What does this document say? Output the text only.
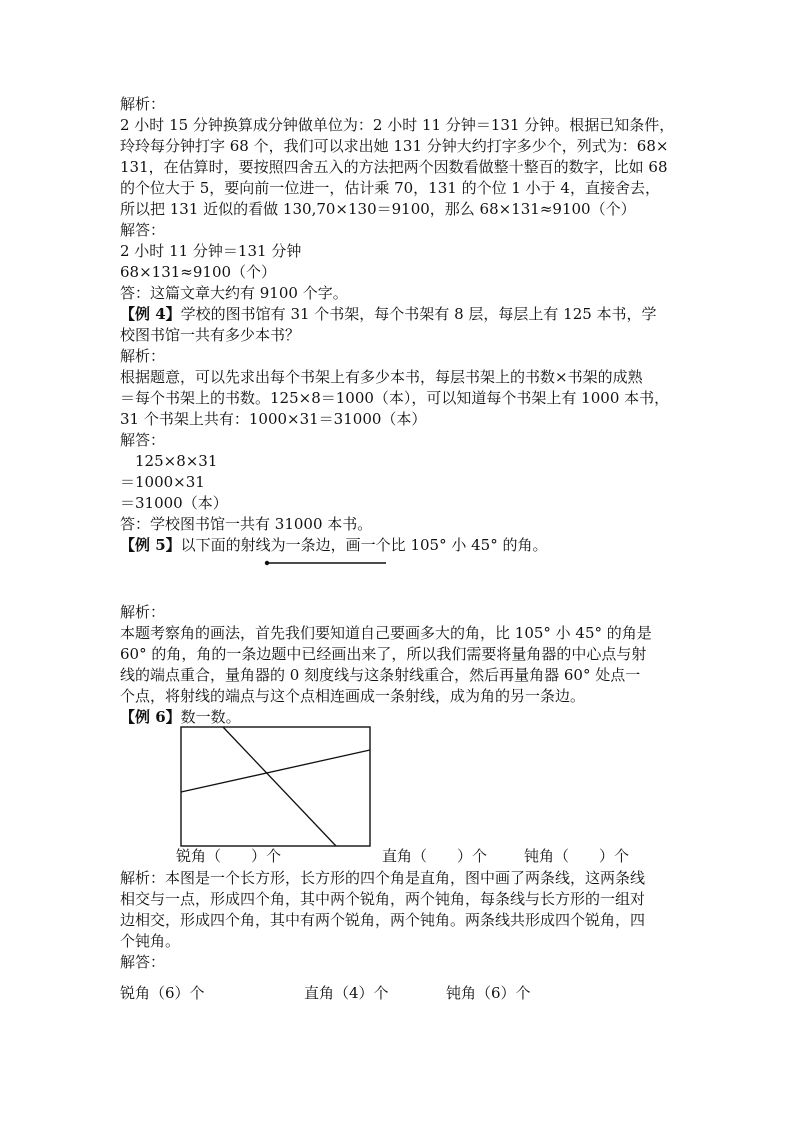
解析：
2 小时 15 分钟换算成分钟做单位为：2 小时 11 分钟＝131 分钟。根据已知条件，
玲玲每分钟打字 68 个，我们可以求出她 131 分钟大约打字多少个，列式为：68×
131，在估算时，要按照四舍五入的方法把两个因数看做整十整百的数字，比如 68
的个位大于 5，要向前一位进一，估计乘 70，131 的个位 1 小于 4，直接舍去，
所以把 131 近似的看做 130,70×130＝9100，那么 68×131≈9100（个）
解答：
2 小时 11 分钟＝131 分钟
68×131≈9100（个）
答：这篇文章大约有 9100 个字。
【例 4】学校的图书馆有 31 个书架，每个书架有 8 层，每层上有 125 本书，学
校图书馆一共有多少本书？
解析：
根据题意，可以先求出每个书架上有多少本书，每层书架上的书数×书架的成熟
＝每个书架上的书数。125×8＝1000（本），可以知道每个书架上有 1000 本书，
31 个书架上共有：1000×31＝31000（本）
解答：
　125×8×31
＝1000×31
＝31000（本）
答：学校图书馆一共有 31000 本书。
【例 5】以下面的射线为一条边，画一个比 105° 小 45° 的角。
解析：
本题考察角的画法，首先我们要知道自己要画多大的角，比 105° 小 45° 的角是
60° 的角，角的一条边题中已经画出来了，所以我们需要将量角器的中心点与射
线的端点重合，量角器的 0 刻度线与这条射线重合，然后再量角器 60° 处点一
个点，将射线的端点与这个点相连画成一条射线，成为角的另一条边。
【例 6】数一数。
锐角（　　）个	直角（　　）个 钝角（　　）个
解析：本图是一个长方形，长方形的四个角是直角，图中画了两条线，这两条线
相交与一点，形成四个角，其中两个锐角，两个钝角，每条线与长方形的一组对
边相交，形成四个角，其中有两个锐角，两个钝角。两条线共形成四个锐角，四
个钝角。
解答：
锐角（6）个	直角（4）个	钝角（6）个
